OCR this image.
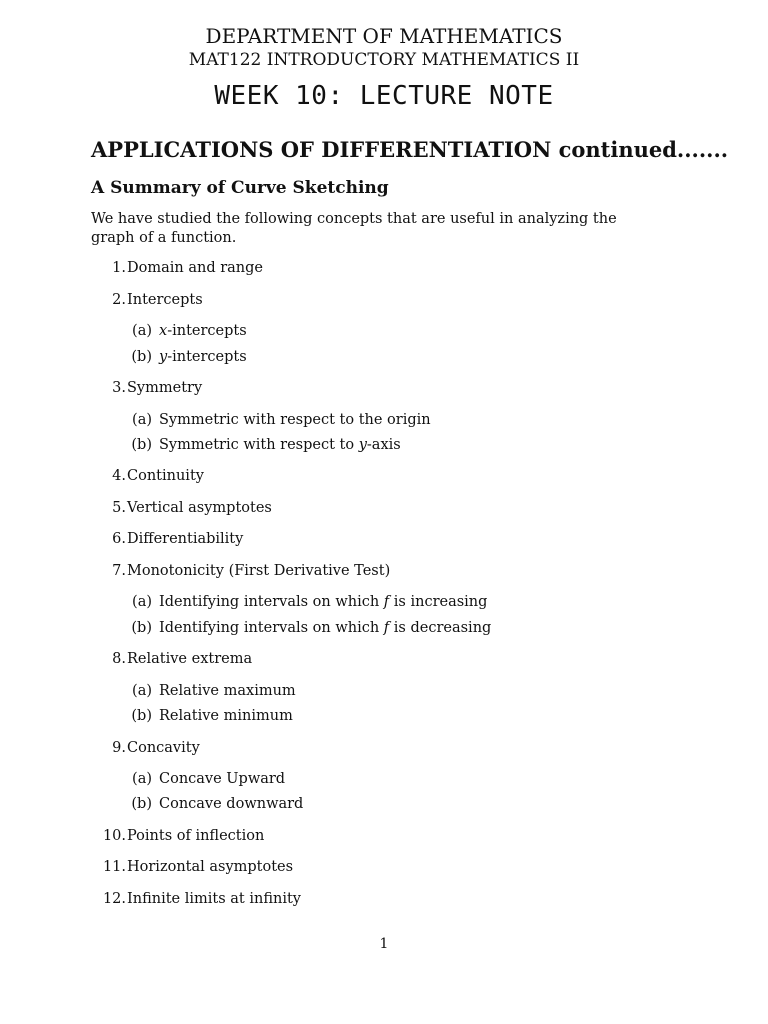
DEPARTMENT OF MATHEMATICS
MAT122 INTRODUCTORY MATHEMATICS II
WEEK 10: LECTURE NOTE
APPLICATIONS OF DIFFERENTIATION continued.......
A Summary of Curve Sketching
We have studied the following concepts that are useful in analyzing the graph of a function.
1. Domain and range
2. Intercepts
(a) x-intercepts
(b) y-intercepts
3. Symmetry
(a) Symmetric with respect to the origin
(b) Symmetric with respect to y-axis
4. Continuity
5. Vertical asymptotes
6. Differentiability
7. Monotonicity (First Derivative Test)
(a) Identifying intervals on which f is increasing
(b) Identifying intervals on which f is decreasing
8. Relative extrema
(a) Relative maximum
(b) Relative minimum
9. Concavity
(a) Concave Upward
(b) Concave downward
10. Points of inflection
11. Horizontal asymptotes
12. Infinite limits at infinity
1
